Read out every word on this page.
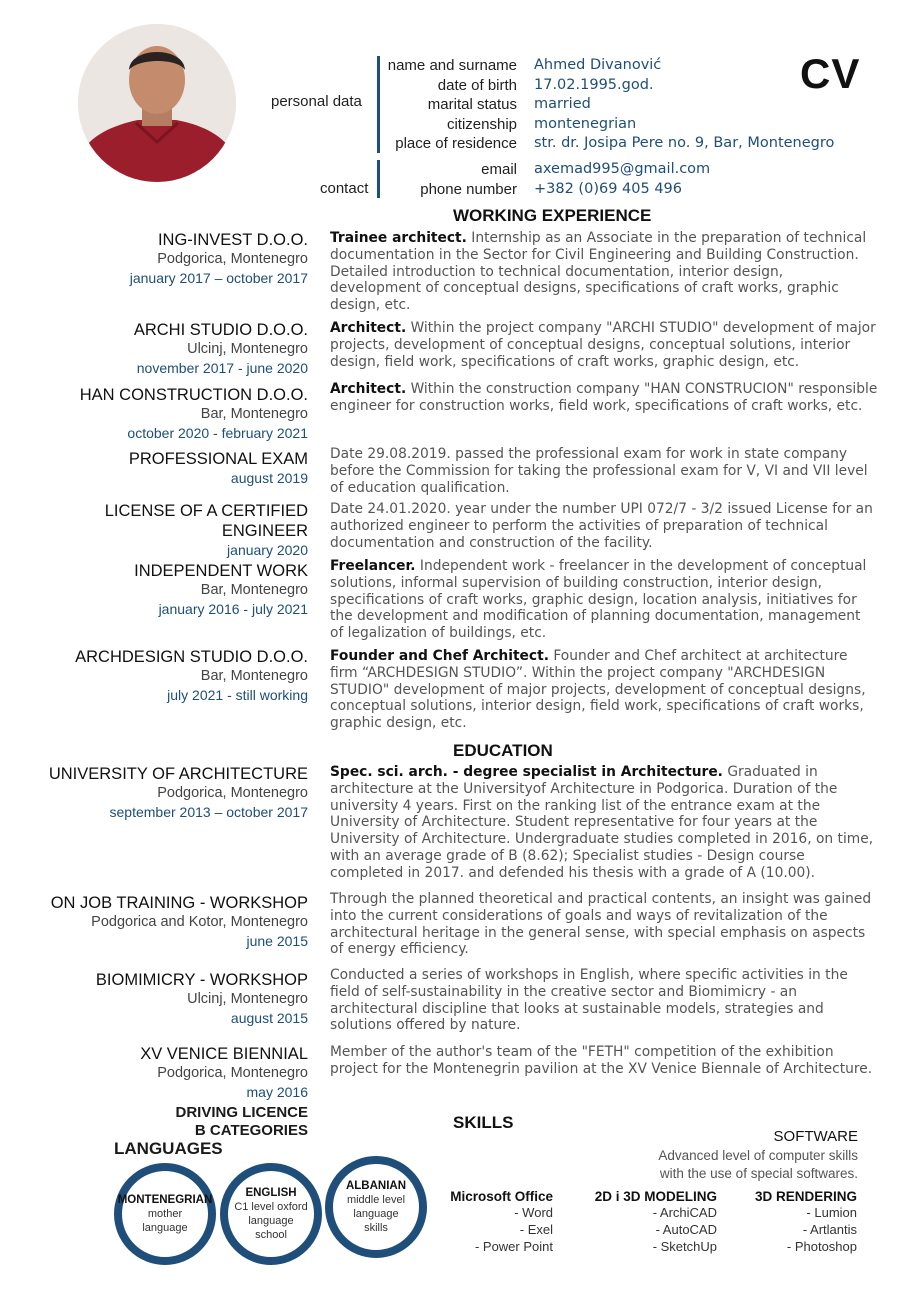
CV
personal data
name and surname
date of birth
marital status
citizenship
place of residence
Ahmed Divanović
17.02.1995.god.
married
montenegrian
str. dr. Josipa Pere no. 9, Bar, Montenegro
contact
email
phone number
axemad995@gmail.com
+382 (0)69 405 496
WORKING EXPERIENCE
ING-INVEST D.O.O.
Podgorica, Montenegro
january 2017 – october 2017
Trainee architect. Internship as an Associate in the preparation of technical documentation in the Sector for Civil Engineering and Building Construction. Detailed introduction to technical documentation, interior design, development of conceptual designs, specifications of craft works, graphic design, etc.
ARCHI STUDIO D.O.O.
Ulcinj, Montenegro
november 2017 - june 2020
Architect. Within the project company "ARCHI STUDIO" development of major projects, development of conceptual designs, conceptual solutions, interior design, field work, specifications of craft works, graphic design, etc.
HAN CONSTRUCTION D.O.O.
Bar, Montenegro
october 2020 - february 2021
Architect. Within the construction company "HAN CONSTRUCION" responsible engineer for construction works, field work, specifications of craft works, etc.
PROFESSIONAL EXAM
august 2019
Date 29.08.2019. passed the professional exam for work in state company before the Commission for taking the professional exam for V, VI and VII level of education qualification.
LICENSE OF A CERTIFIED ENGINEER
january 2020
Date 24.01.2020. year under the number UPI 072/7 - 3/2 issued License for an authorized engineer to perform the activities of preparation of technical documentation and construction of the facility.
INDEPENDENT WORK
Bar, Montenegro
january 2016 - july 2021
Freelancer. Independent work - freelancer in the development of conceptual solutions, informal supervision of building construction, interior design, specifications of craft works, graphic design, location analysis, initiatives for the development and modification of planning documentation, management of legalization of buildings, etc.
ARCHDESIGN STUDIO D.O.O.
Bar, Montenegro
july 2021 - still working
Founder and Chef Architect. Founder and Chef architect at architecture firm “ARCHDESIGN STUDIO”. Within the project company "ARCHDESIGN STUDIO" development of major projects, development of conceptual designs, conceptual solutions, interior design, field work, specifications of craft works, graphic design, etc.
EDUCATION
UNIVERSITY OF ARCHITECTURE
Podgorica, Montenegro
september 2013 – october 2017
Spec. sci. arch. - degree specialist in Architecture. Graduated in architecture at the Universityof Architecture in Podgorica. Duration of the university 4 years. First on the ranking list of the entrance exam at the University of Architecture. Student representative for four years at the University of Architecture. Undergraduate studies completed in 2016, on time, with an average grade of B (8.62); Specialist studies - Design course completed in 2017. and defended his thesis with a grade of A (10.00).
ON JOB TRAINING - WORKSHOP
Podgorica and Kotor, Montenegro
june 2015
Through the planned theoretical and practical contents, an insight was gained into the current considerations of goals and ways of revitalization of the architectural heritage in the general sense, with special emphasis on aspects of energy efficiency.
BIOMIMICRY - WORKSHOP
Ulcinj, Montenegro
august 2015
Conducted a series of workshops in English, where specific activities in the field of self-sustainability in the creative sector and Biomimicry - an architectural discipline that looks at sustainable models, strategies and solutions offered by nature.
XV VENICE BIENNIAL
Podgorica, Montenegro
may 2016
Member of the author's team of the "FETH" competition of the exhibition project for the Montenegrin pavilion at the XV Venice Biennale of Architecture.
DRIVING LICENCE
B CATEGORIES
LANGUAGES
MONTENEGRIAN
mother language
ENGLISH
C1 level oxford language school
ALBANIAN
middle level language skills
SKILLS
SOFTWARE
Advanced level of computer skills
with the use of special softwares.
Microsoft Office
- Word
- Exel
- Power Point
2D i 3D MODELING
- ArchiCAD
- AutoCAD
- SketchUp
3D RENDERING
- Lumion
- Artlantis
- Photoshop
